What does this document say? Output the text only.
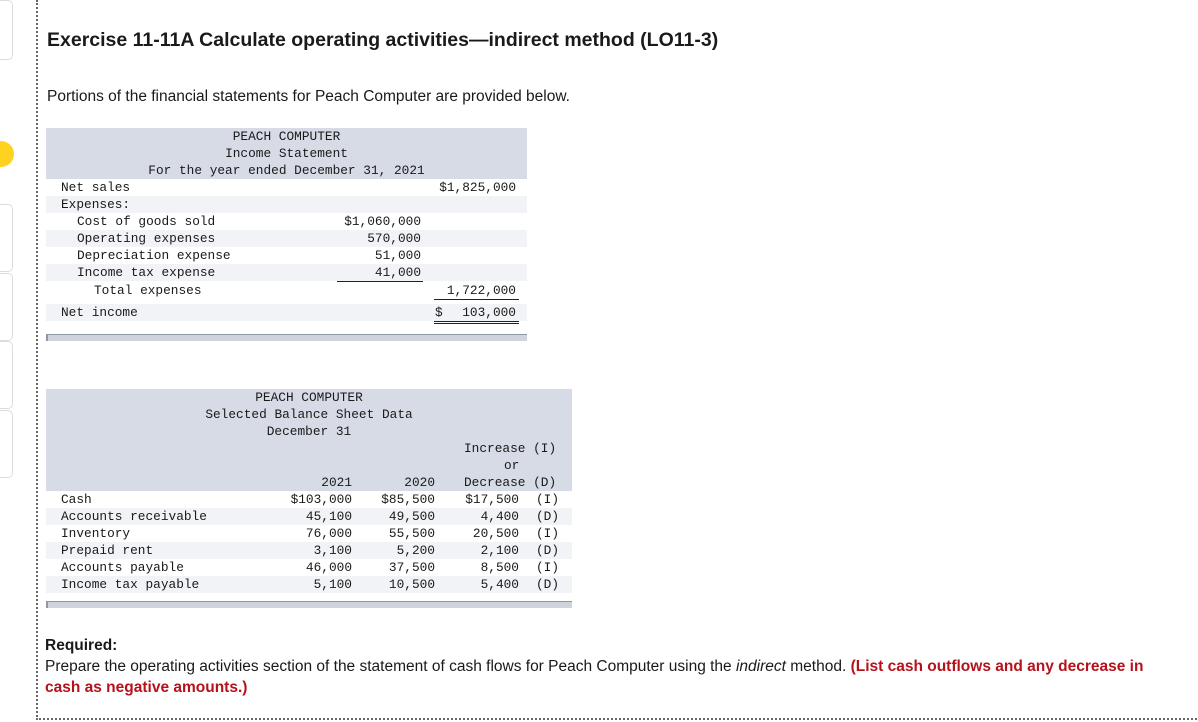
Exercise 11-11A Calculate operating activities—indirect method (LO11-3)
Portions of the financial statements for Peach Computer are provided below.
PEACH COMPUTER
Income Statement
For the year ended December 31, 2021
Net sales	$1,825,000
Expenses:
Cost of goods sold	$1,060,000
Operating expenses	570,000
Depreciation expense	51,000
Income tax expense	41,000
Total expenses	1,722,000
Net income	$	103,000
PEACH COMPUTER
Selected Balance Sheet Data
December 31
Increase (I)
or
2021	2020 Decrease (D)
Cash	$103,000	$85,500	$17,500 (I)
Accounts receivable	45,100	49,500	4,400 (D)
Inventory	76,000	55,500	20,500 (I)
Prepaid rent	3,100	5,200	2,100 (D)
Accounts payable	46,000	37,500	8,500 (I)
Income tax payable	5,100	10,500	5,400 (D)
Required:
Prepare the operating activities section of the statement of cash flows for Peach Computer using the indirect method. (List cash outflows and any decrease in cash as negative amounts.)
